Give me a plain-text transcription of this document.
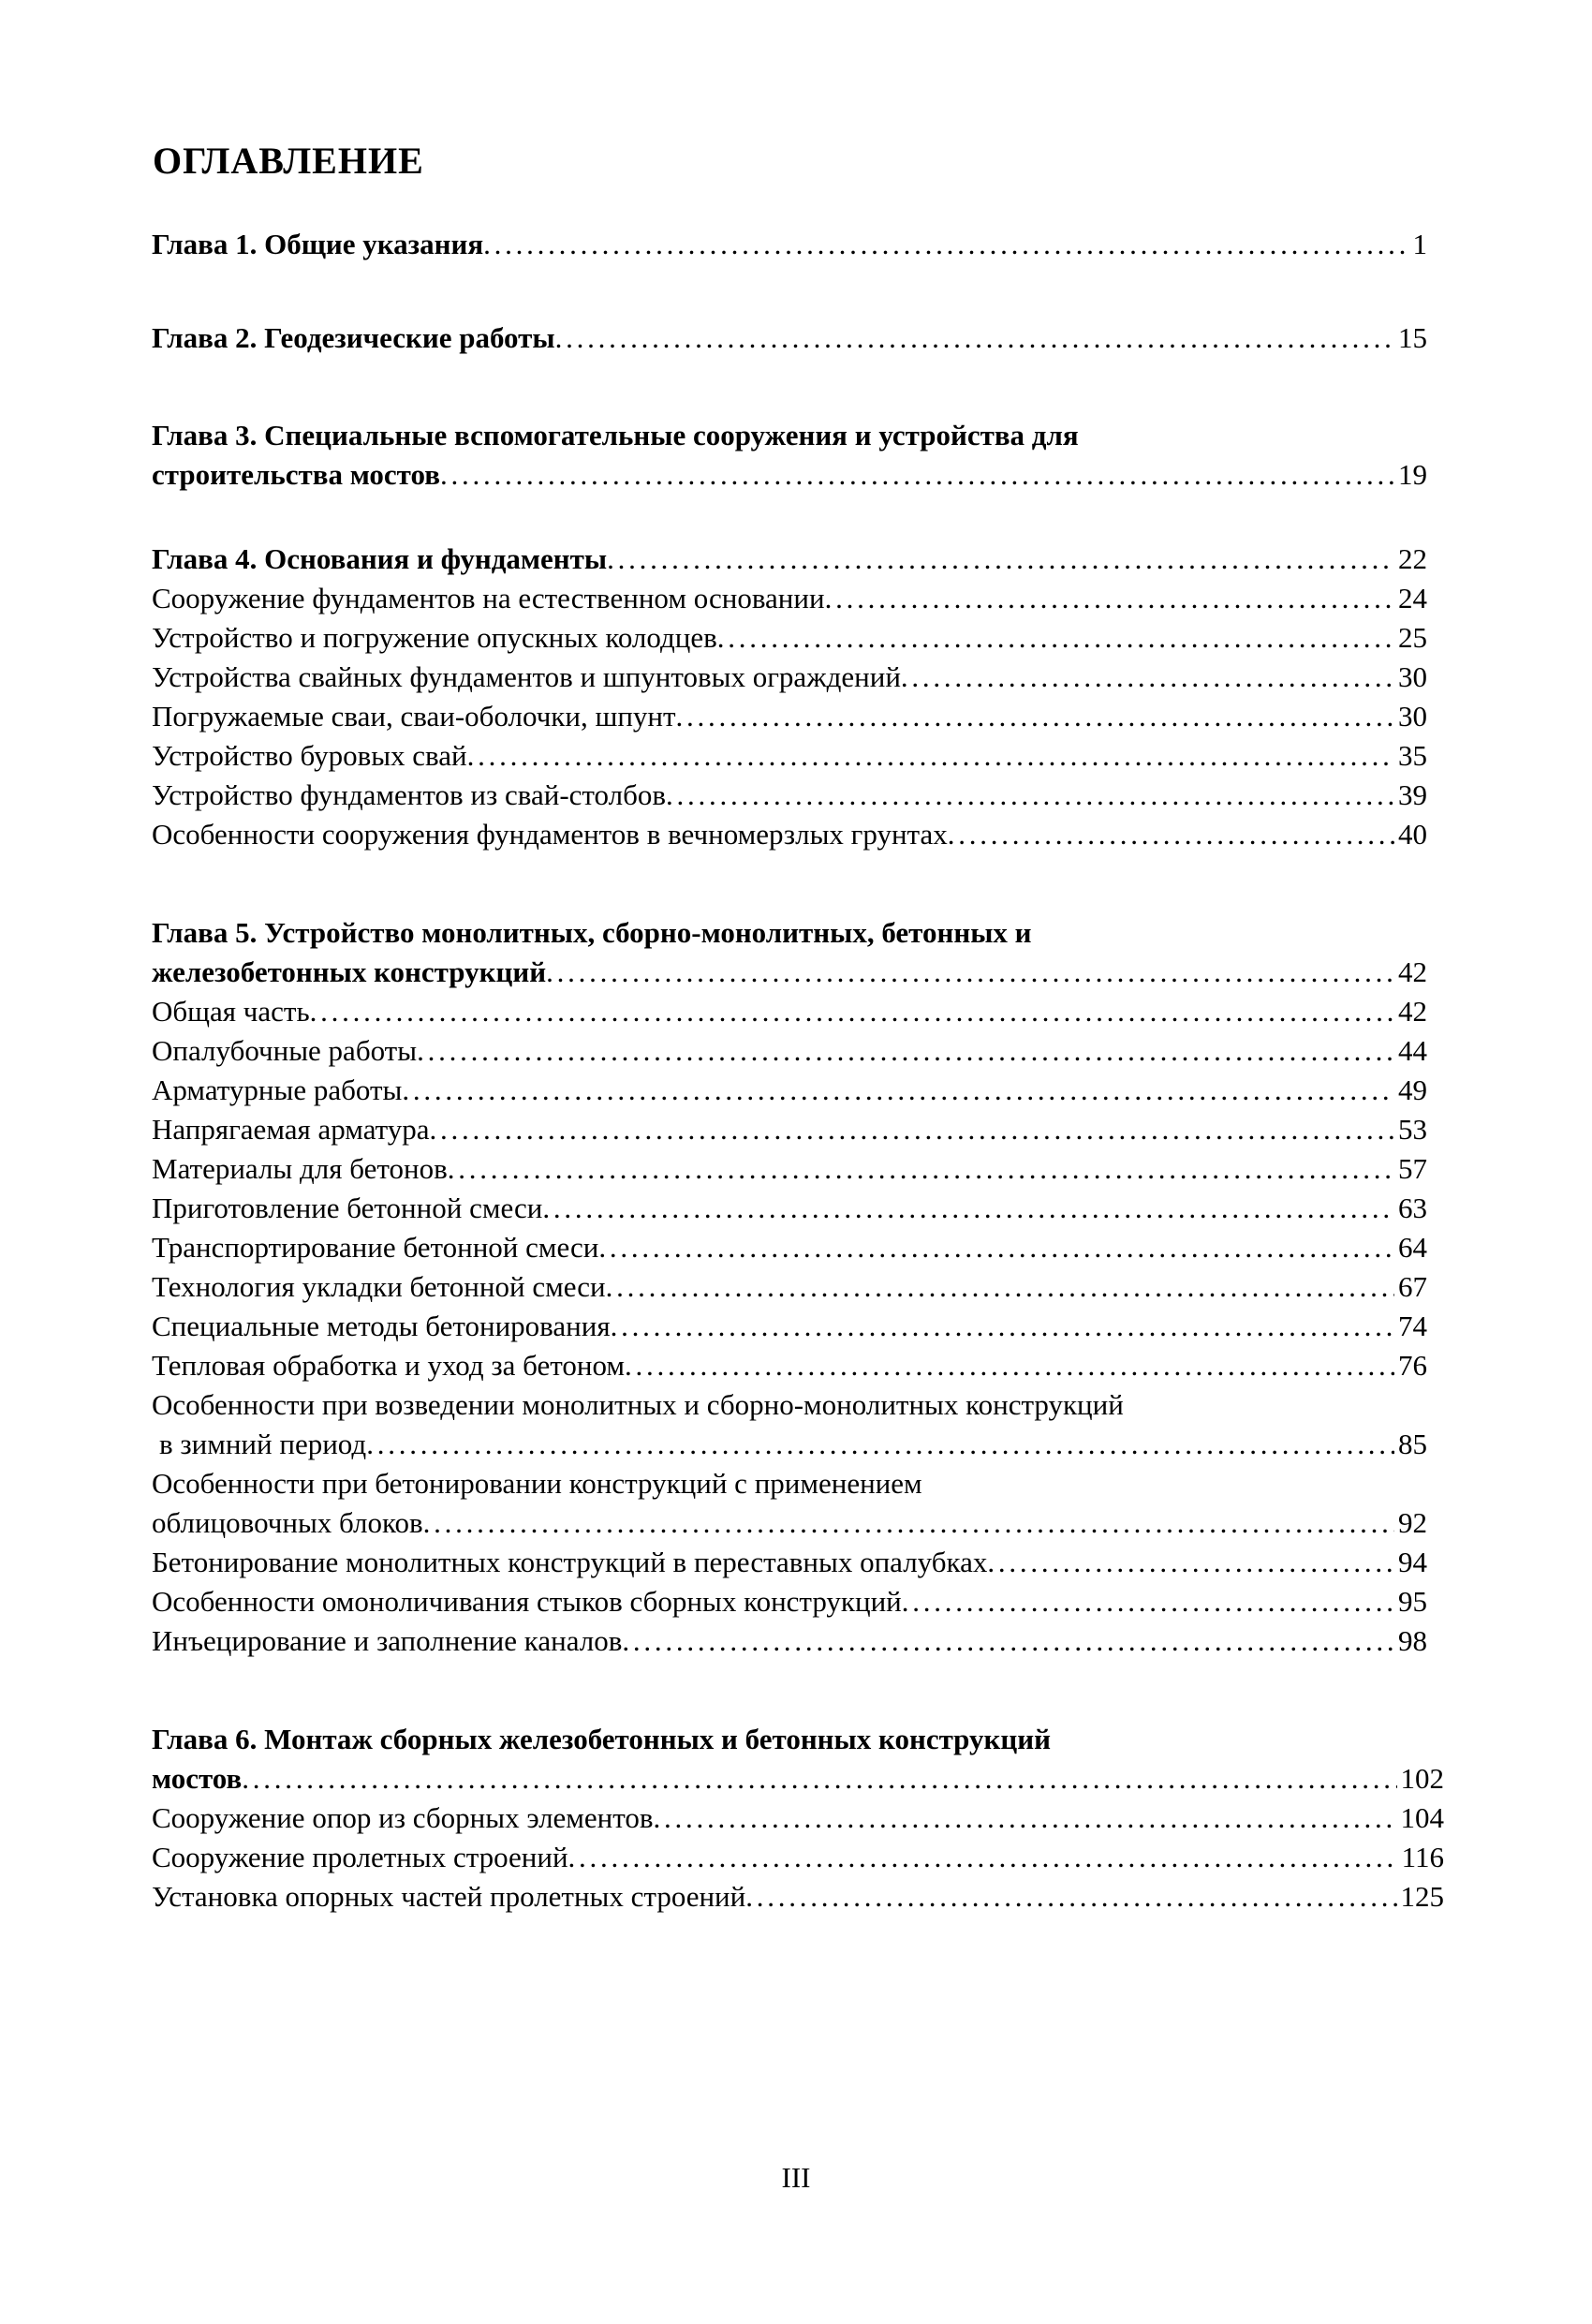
ОГЛАВЛЕНИЕ
Глава 1. Общие указания . . .	1
Глава 2. Геодезические работы . . .	15
Глава 3. Специальные вспомогательные сооружения и устройства для
строительства мостов . . .	19
Глава 4. Основания и фундаменты . . .	22
Сооружение фундаментов на естественном основании . . .	24
Устройство и погружение опускных колодцев . . .	25
Устройства свайных фундаментов и шпунтовых ограждений . . .	30
Погружаемые сваи, сваи-оболочки, шпунт . . .	30
Устройство буровых свай . . .	35
Устройство фундаментов из свай-столбов . . .	39
Особенности сооружения фундаментов в вечномерзлых грунтах . . .	40
Глава 5. Устройство монолитных, сборно-монолитных, бетонных и
железобетонных конструкций . . .	42
Общая часть . . .	42
Опалубочные работы . . .	44
Арматурные работы . . .	49
Напрягаемая арматура . . .	53
Материалы для бетонов . . .	57
Приготовление бетонной смеси . . .	63
Транспортирование бетонной смеси . . .	64
Технология укладки бетонной смеси . . .	67
Специальные методы бетонирования . . .	74
Тепловая обработка и уход за бетоном . . .	76
Особенности при возведении монолитных и сборно-монолитных конструкций
в зимний период . . .	85
Особенности при бетонировании конструкций с применением
облицовочных блоков . . .	92
Бетонирование монолитных конструкций в переставных опалубках . . .	94
Особенности омоноличивания стыков сборных конструкций . . .	95
Инъецирование и заполнение каналов . . .	98
Глава 6. Монтаж сборных железобетонных и бетонных конструкций
мостов . . .	102
Сооружение опор из сборных элементов . . .	104
Сооружение пролетных строений . . .	116
Установка опорных частей пролетных строений . . .	125
III
